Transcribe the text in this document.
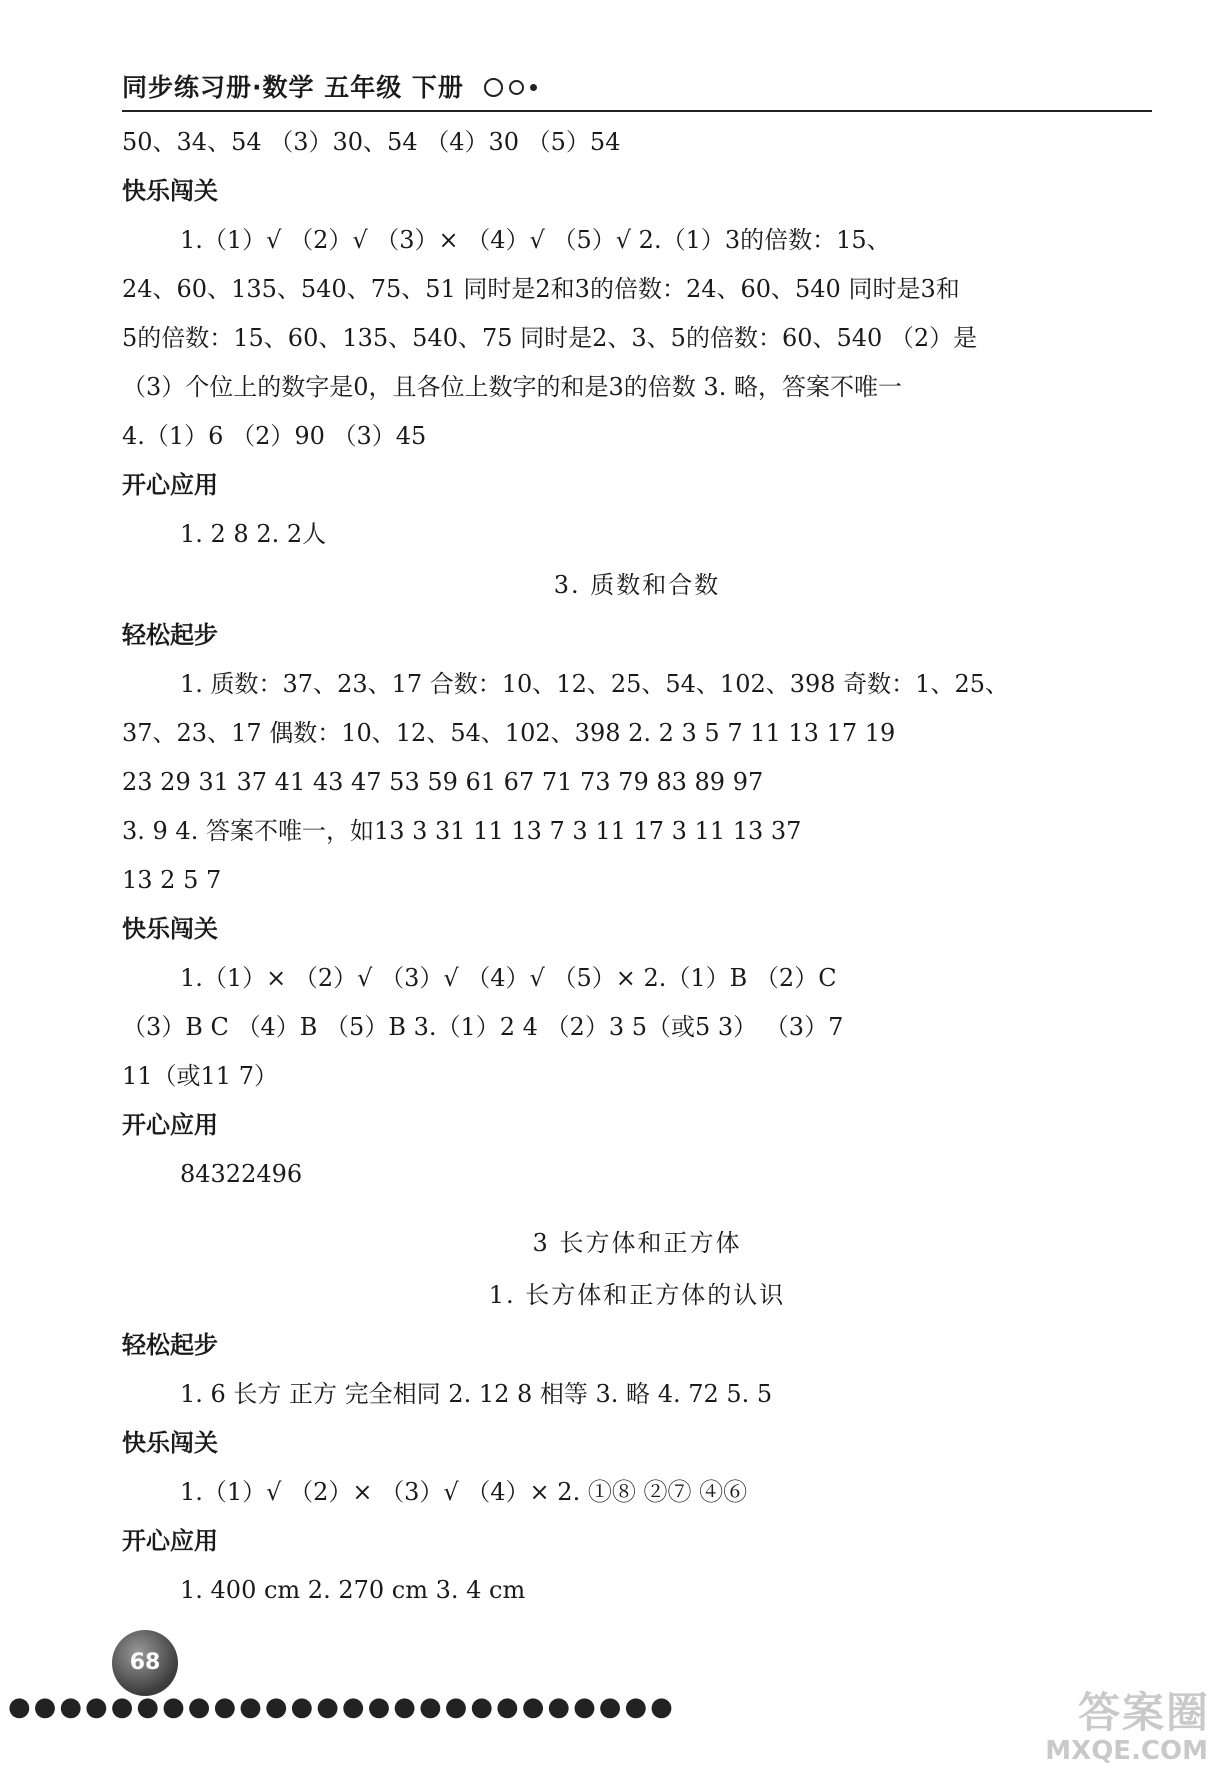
同步练习册·数学 五年级 下册
50、34、54 （3）30、54 （4）30 （5）54
快乐闯关
1.（1）√ （2）√ （3）× （4）√ （5）√ 2.（1）3的倍数：15、
24、60、135、540、75、51 同时是2和3的倍数：24、60、540 同时是3和
5的倍数：15、60、135、540、75 同时是2、3、5的倍数：60、540 （2）是
（3）个位上的数字是0，且各位上数字的和是3的倍数 3. 略，答案不唯一
4.（1）6 （2）90 （3）45
开心应用
1. 2 8 2. 2人
3. 质数和合数
轻松起步
1. 质数：37、23、17 合数：10、12、25、54、102、398 奇数：1、25、
37、23、17 偶数：10、12、54、102、398 2. 2 3 5 7 11 13 17 19
23 29 31 37 41 43 47 53 59 61 67 71 73 79 83 89 97
3. 9 4. 答案不唯一，如13 3 31 11 13 7 3 11 17 3 11 13 37
13 2 5 7
快乐闯关
1.（1）× （2）√ （3）√ （4）√ （5）× 2.（1）B （2）C
（3）B C （4）B （5）B 3.（1）2 4 （2）3 5（或5 3） （3）7
11（或11 7）
开心应用
84322496
3 长方体和正方体
1. 长方体和正方体的认识
轻松起步
1. 6 长方 正方 完全相同 2. 12 8 相等 3. 略 4. 72 5. 5
快乐闯关
1.（1）√ （2）× （3）√ （4）× 2. ①⑧ ②⑦ ④⑥
开心应用
1. 400 cm 2. 270 cm 3. 4 cm
68
●●●●●●●●●●●●●●●●●●●●●●●●●●	答案圈
MXQE.COM
